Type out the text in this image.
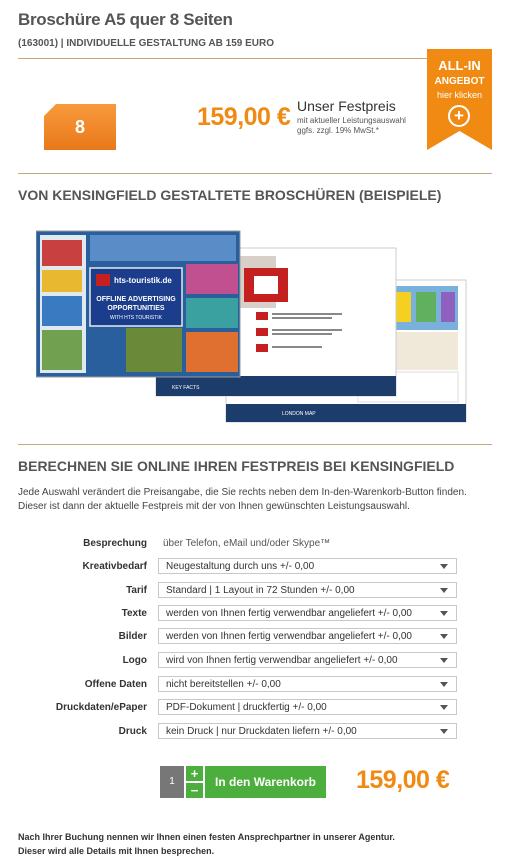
Broschüre A5 quer 8 Seiten
(163001) | INDIVIDUELLE GESTALTUNG AB 159 EURO
8	159,00 € Unser Festpreis
mit aktueller Leistungsauswahl
ggfs. zzgl. 19% MwSt.*
ALL-IN
ANGEBOT
hier klicken
+
VON KENSINGFIELD GESTALTETE BROSCHÜREN (BEISPIELE)
KEY FACTS
LONDON MAP
hts-touristik.de
OFFLINE ADVERTISING
OPPORTUNITIES
WITH HTS TOURISTIK
BERECHNEN SIE ONLINE IHREN FESTPREIS BEI KENSINGFIELD
Jede Auswahl verändert die Preisangabe, die Sie rechts neben dem In-den-Warenkorb-Button finden.
Dieser ist dann der aktuelle Festpreis mit der von Ihnen gewünschten Leistungsauswahl.
Besprechung über Telefon, eMail und/oder Skype™
Kreativbedarf Neugestaltung durch uns +/- 0,00
Tarif Standard | 1 Layout in 72 Stunden +/- 0,00
Texte werden von Ihnen fertig verwendbar angeliefert +/- 0,00
Bilder werden von Ihnen fertig verwendbar angeliefert +/- 0,00
Logo wird von Ihnen fertig verwendbar angeliefert +/- 0,00
Offene Daten nicht bereitstellen +/- 0,00
Druckdaten/ePaper PDF-Dokument | druckfertig +/- 0,00
Druck kein Druck | nur Druckdaten liefern +/- 0,00
1
+
−
In den Warenkorb	159,00 €
Nach Ihrer Buchung nennen wir Ihnen einen festen Ansprechpartner in unserer Agentur.
Dieser wird alle Details mit Ihnen besprechen.
